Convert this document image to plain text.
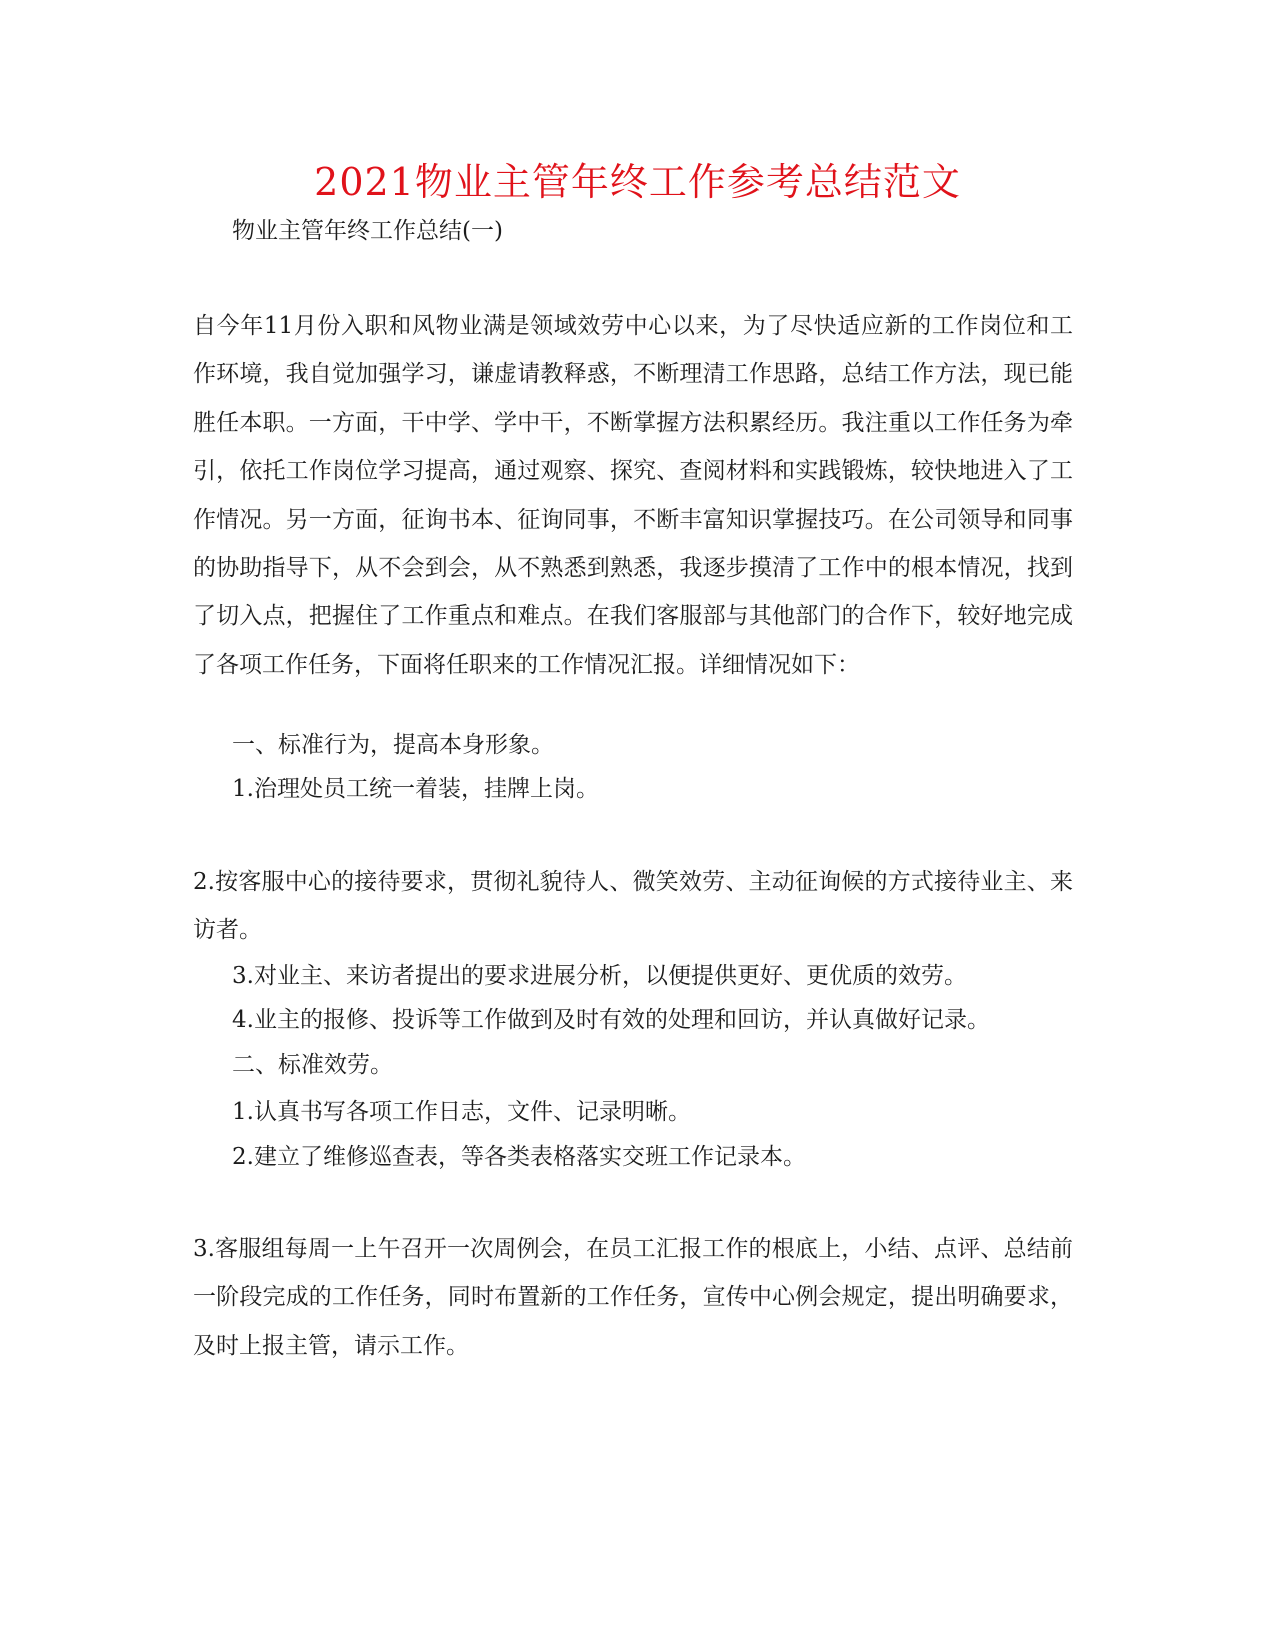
2021物业主管年终工作参考总结范文
物业主管年终工作总结(一)

自今年11月份入职和风物业满是领域效劳中心以来，为了尽快适应新的工作岗位和工作环境，我自觉加强学习，谦虚请教释惑，不断理清工作思路，总结工作方法，现已能胜任本职。一方面，干中学、学中干，不断掌握方法积累经历。我注重以工作任务为牵引，依托工作岗位学习提高，通过观察、探究、查阅材料和实践锻炼，较快地进入了工作情况。另一方面，征询书本、征询同事，不断丰富知识掌握技巧。在公司领导和同事的协助指导下，从不会到会，从不熟悉到熟悉，我逐步摸清了工作中的根本情况，找到了切入点，把握住了工作重点和难点。在我们客服部与其他部门的合作下，较好地完成了各项工作任务，下面将任职来的工作情况汇报。详细情况如下：

一、标准行为，提高本身形象。
1.治理处员工统一着装，挂牌上岗。

2.按客服中心的接待要求，贯彻礼貌待人、微笑效劳、主动征询候的方式接待业主、来访者。

3.对业主、来访者提出的要求进展分析，以便提供更好、更优质的效劳。
4.业主的报修、投诉等工作做到及时有效的处理和回访，并认真做好记录。
二、标准效劳。
1.认真书写各项工作日志，文件、记录明晰。
2.建立了维修巡查表，等各类表格落实交班工作记录本。

3.客服组每周一上午召开一次周例会，在员工汇报工作的根底上，小结、点评、总结前一阶段完成的工作任务，同时布置新的工作任务，宣传中心例会规定，提出明确要求，及时上报主管，请示工作。
